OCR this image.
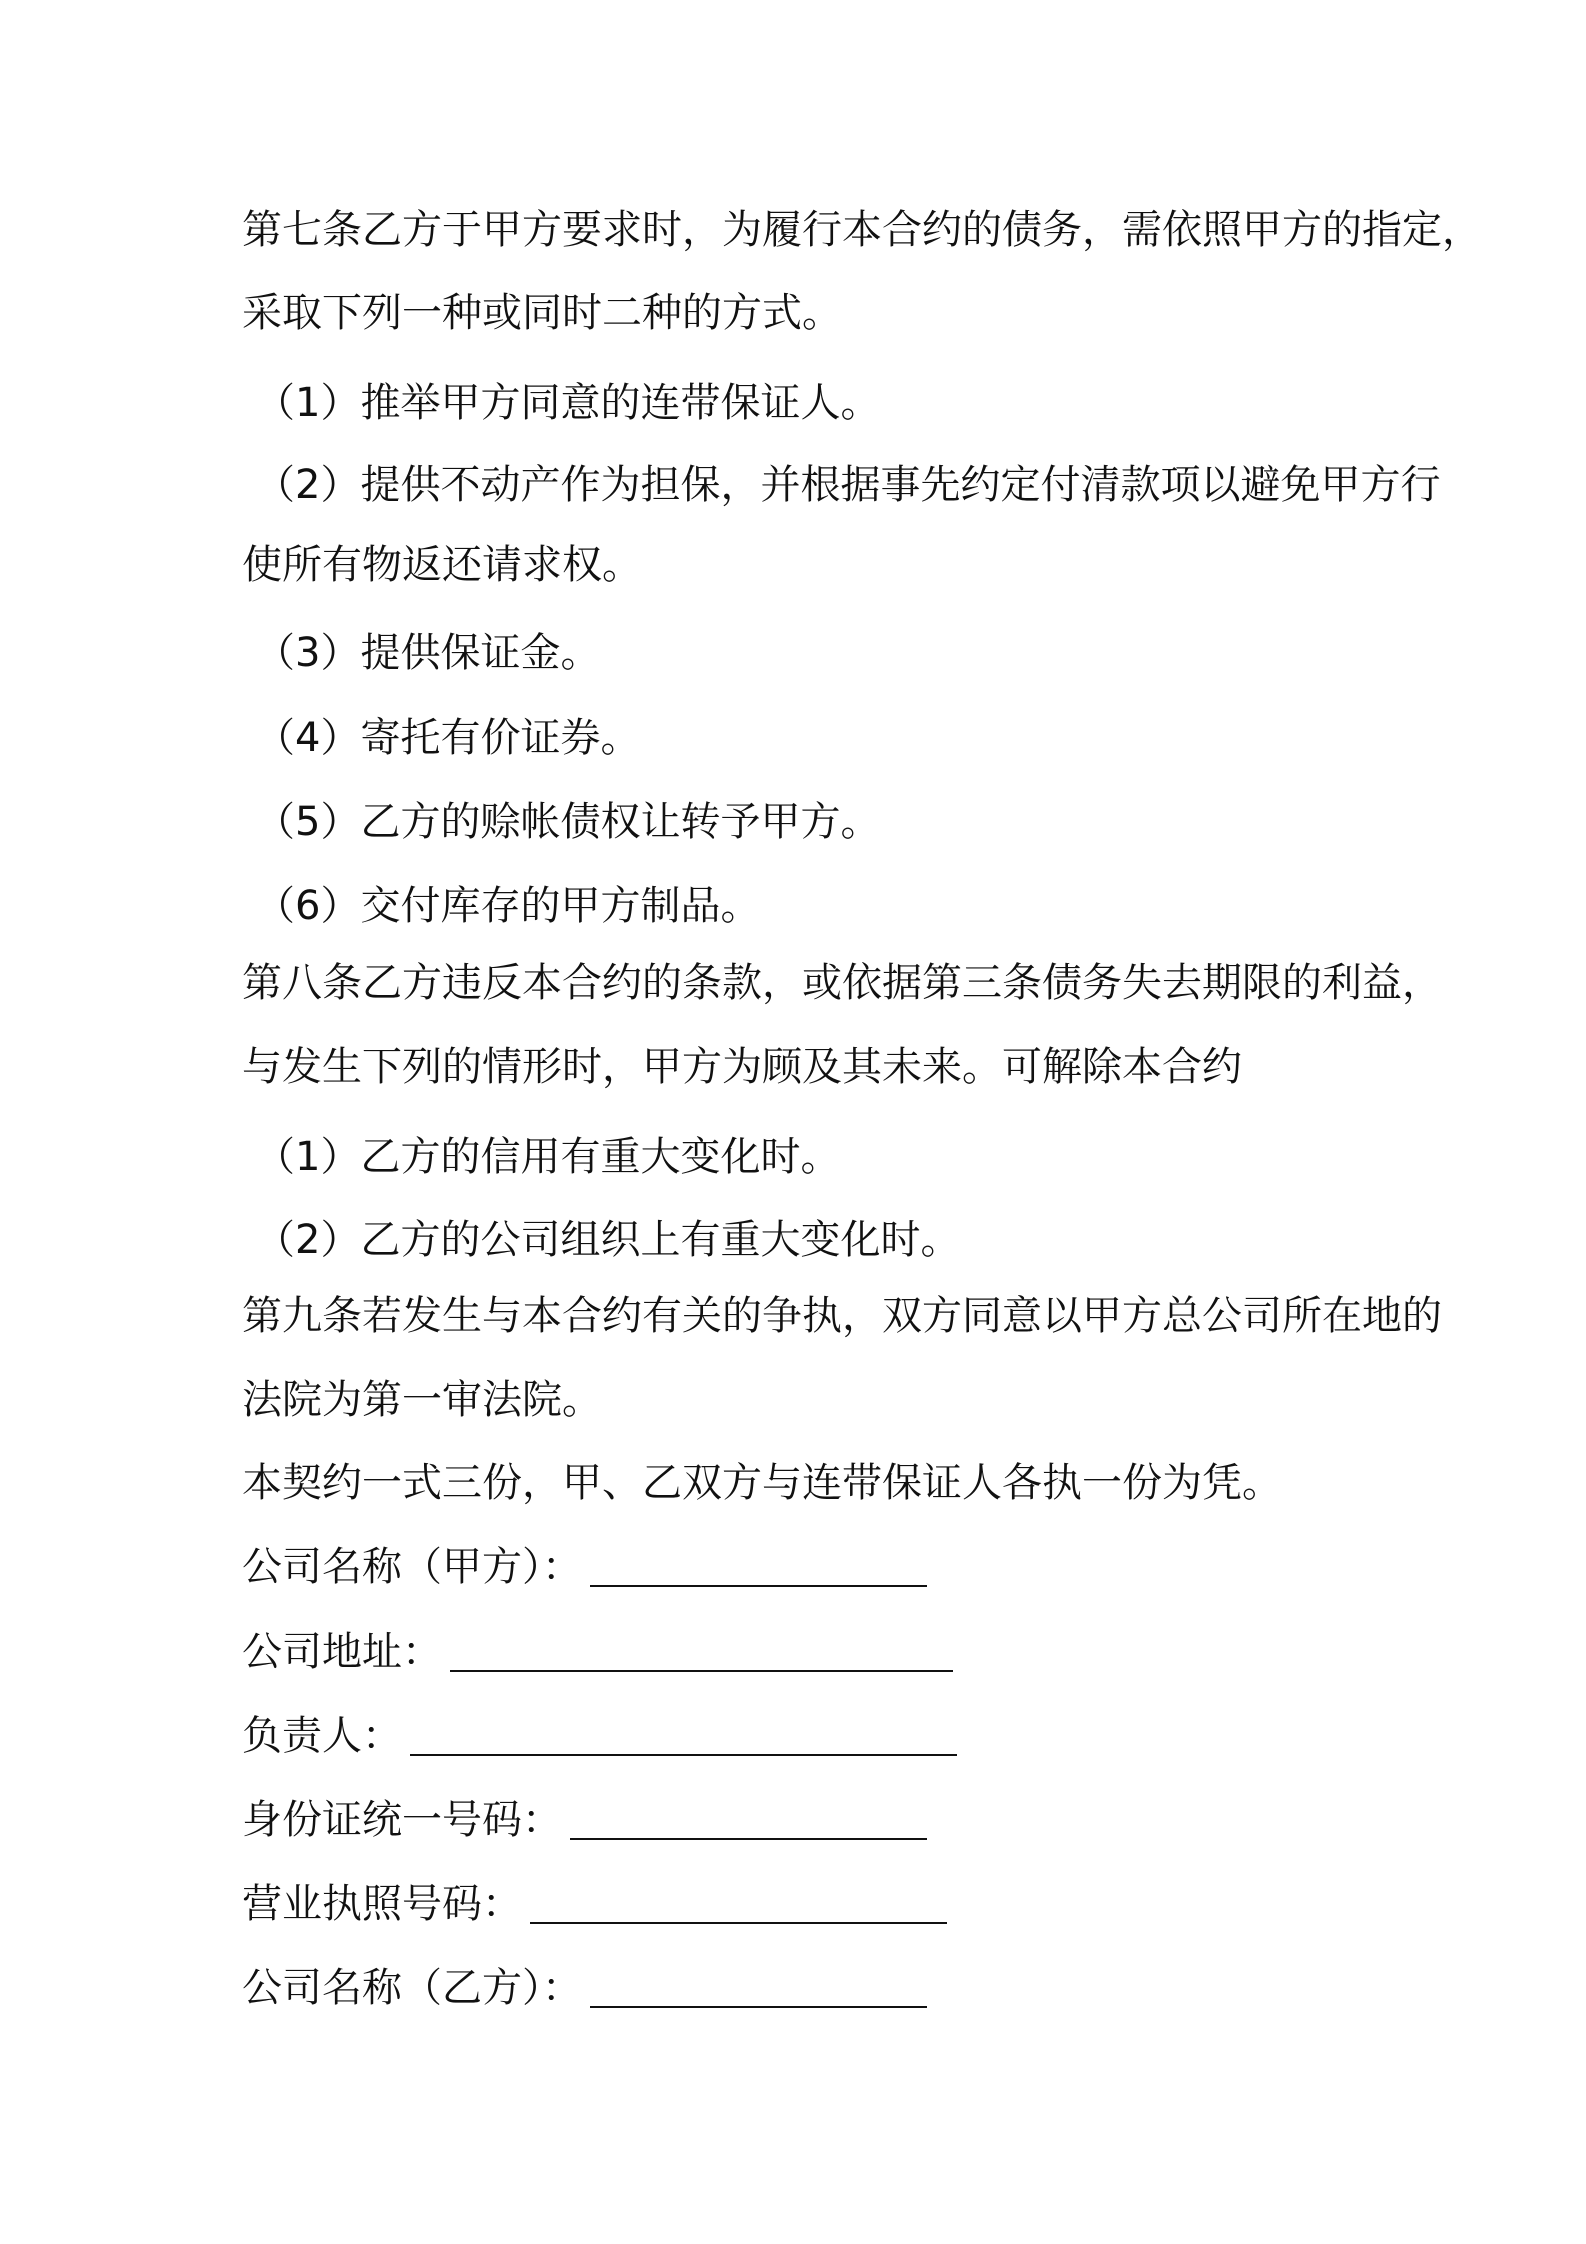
第七条乙方于甲方要求时，为履行本合约的债务，需依照甲方的指定，
采取下列一种或同时二种的方式。
（1）推举甲方同意的连带保证人。
（2）提供不动产作为担保，并根据事先约定付清款项以避免甲方行
使所有物返还请求权。
（3）提供保证金。
（4）寄托有价证券。
（5）乙方的赊帐债权让转予甲方。
（6）交付库存的甲方制品。
第八条乙方违反本合约的条款，或依据第三条债务失去期限的利益，
与发生下列的情形时，甲方为顾及其未来。可解除本合约
（1）乙方的信用有重大变化时。
（2）乙方的公司组织上有重大变化时。
第九条若发生与本合约有关的争执，双方同意以甲方总公司所在地的
法院为第一审法院。
本契约一式三份，甲、乙双方与连带保证人各执一份为凭。
公司名称（甲方）：
公司地址：
负责人：
身份证统一号码：
营业执照号码：
公司名称（乙方）：
